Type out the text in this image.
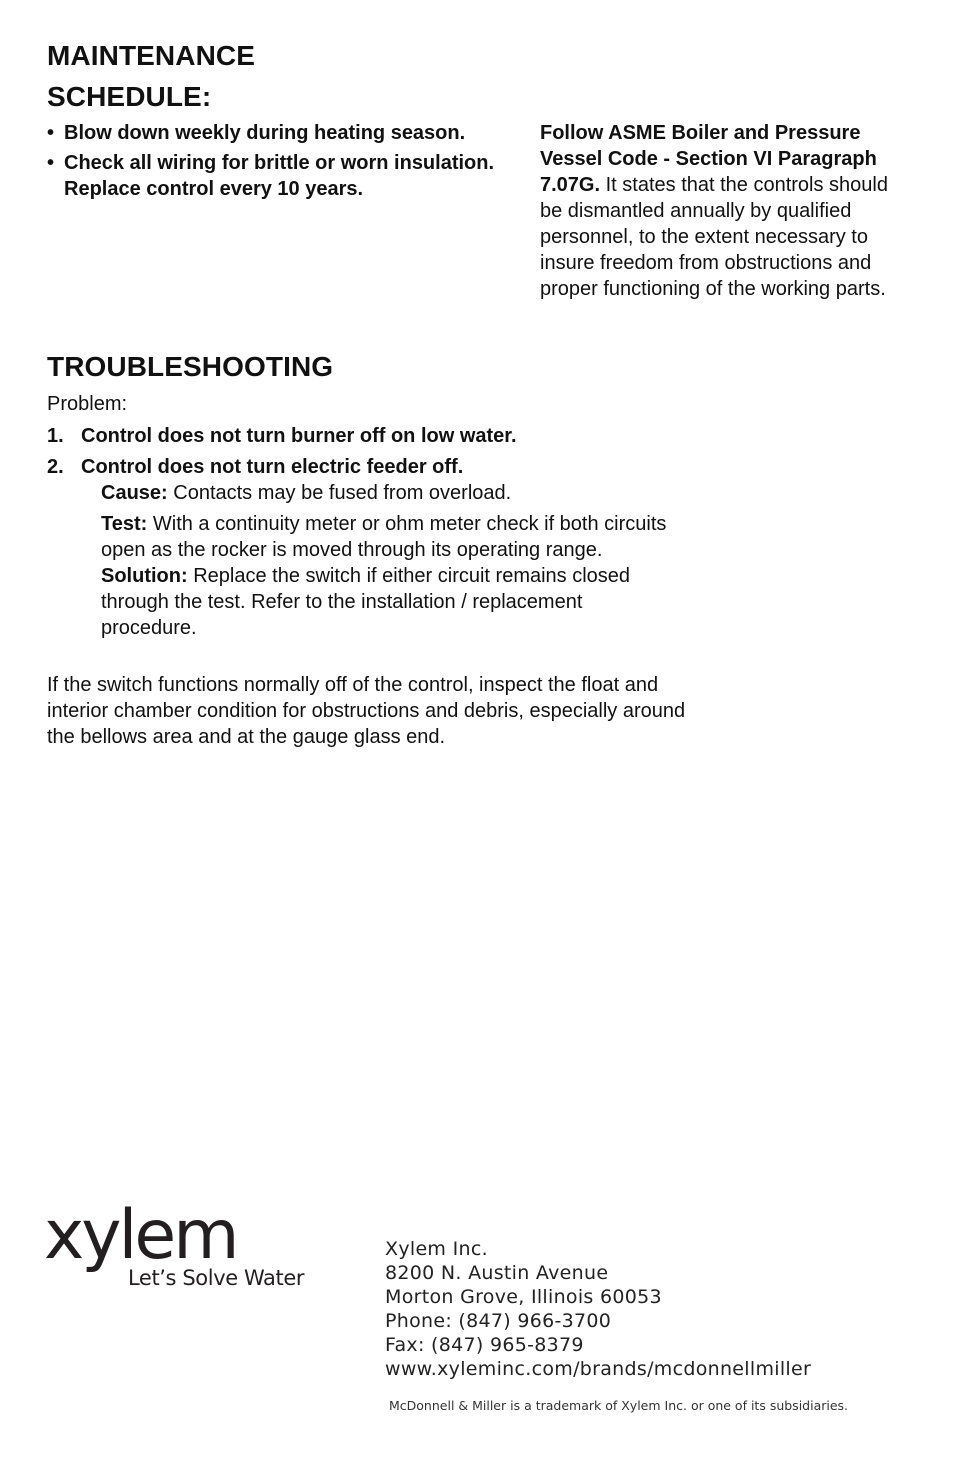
MAINTENANCE
SCHEDULE:
• Blow down weekly during heating season.
• Check all wiring for brittle or worn insulation. Replace control every 10 years.

Follow ASME Boiler and Pressure Vessel Code - Section VI Paragraph 7.07G. It states that the controls should be dismantled annually by qualified personnel, to the extent necessary to insure freedom from obstructions and proper functioning of the working parts.

TROUBLESHOOTING

Problem:

1. Control does not turn burner off on low water.
2. Control does not turn electric feeder off.

Cause: Contacts may be fused from overload.

Test: With a continuity meter or ohm meter check if both circuits open as the rocker is moved through its operating range.

Solution: Replace the switch if either circuit remains closed through the test. Refer to the installation / replacement procedure.

If the switch functions normally off of the control, inspect the float and interior chamber condition for obstructions and debris, especially around the bellows area and at the gauge glass end.

xylem
Let’s Solve Water
Xylem Inc.
8200 N. Austin Avenue
Morton Grove, Illinois 60053
Phone: (847) 966-3700
Fax: (847) 965-8379
www.xyleminc.com/brands/mcdonnellmiller
McDonnell & Miller is a trademark of Xylem Inc. or one of its subsidiaries.
